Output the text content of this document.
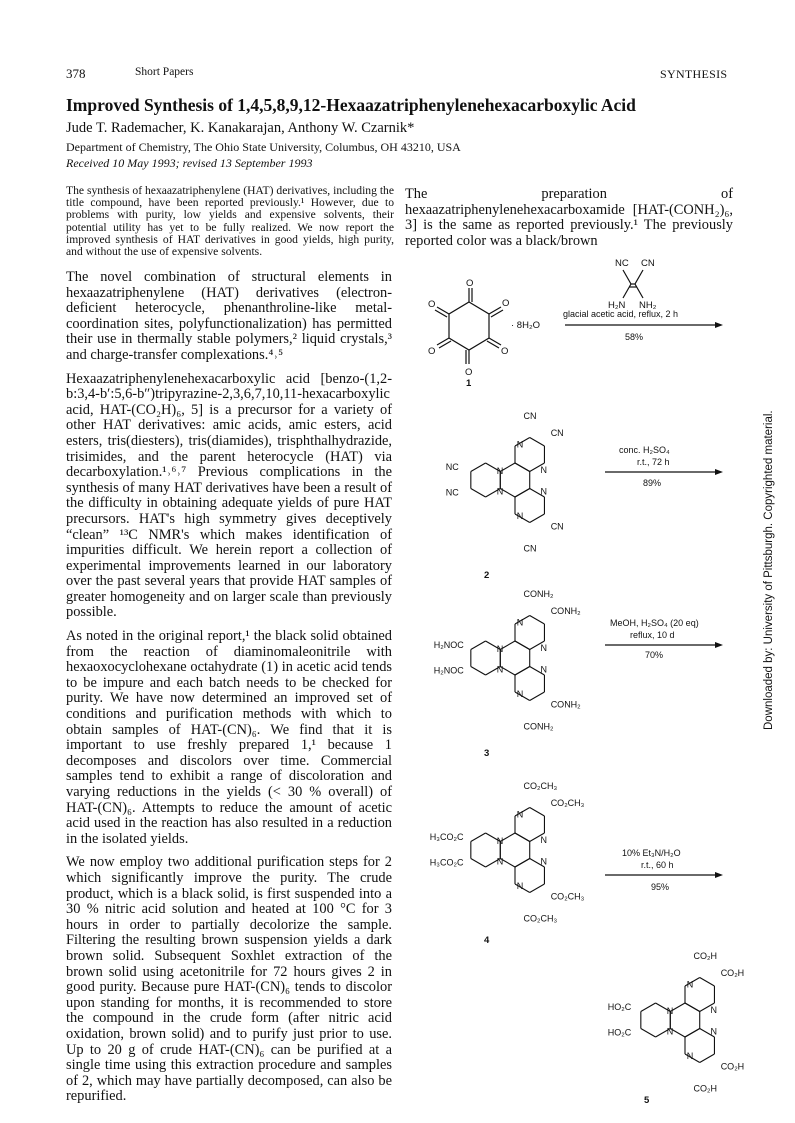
378	Short Papers	SYNTHESIS
Improved Synthesis of 1,4,5,8,9,12-Hexaazatriphenylenehexacarboxylic Acid
Jude T. Rademacher, K. Kanakarajan, Anthony W. Czarnik*
Department of Chemistry, The Ohio State University, Columbus, OH 43210, USA
Received 10 May 1993; revised 13 September 1993
The synthesis of hexaazatriphenylene (HAT) derivatives, including the title compound, have been reported previously.¹ However, due to problems with purity, low yields and expensive solvents, their potential utility has yet to be fully realized. We now report the improved synthesis of HAT derivatives in good yields, high purity, and without the use of expensive solvents.

The novel combination of structural elements in hexaazatriphenylene (HAT) derivatives (electron-deficient heterocycle, phenanthroline-like metal-coordination sites, polyfunctionalization) has permitted their use in thermally stable polymers,² liquid crystals,³ and charge-transfer complexations.⁴˒⁵

Hexaazatriphenylenehexacarboxylic acid [benzo-(1,2-b:3,4-b′:5,6-b″)tripyrazine-2,3,6,7,10,11-hexacarboxylic acid, HAT-(CO₂H)₆, 5] is a precursor for a variety of other HAT derivatives: amic acids, amic esters, acid esters, tris(diesters), tris(diamides), trisphthalhydrazide, trisimides, and the parent heterocycle (HAT) via decarboxylation.¹˒⁶˒⁷ Previous complications in the synthesis of many HAT derivatives have been a result of the difficulty in obtaining adequate yields of pure HAT precursors. HAT's high symmetry gives deceptively “clean” ¹³C NMR's which makes identification of impurities difficult. We herein report a collection of experimental improvements learned in our laboratory over the past several years that provide HAT samples of greater homogeneity and on larger scale than previously possible.

As noted in the original report,¹ the black solid obtained from the reaction of diaminomaleonitrile with hexaoxocyclohexane octahydrate (1) in acetic acid tends to be impure and each batch needs to be checked for purity. We have now determined an improved set of conditions and purification methods with which to obtain samples of HAT-(CN)₆. We find that it is important to use freshly prepared 1,¹ because 1 decomposes and discolors over time. Commercial samples tend to exhibit a range of discoloration and varying reductions in the yields (< 30 % overall) of HAT-(CN)₆. Attempts to reduce the amount of acetic acid used in the reaction has also resulted in a reduction in the isolated yields.

We now employ two additional purification steps for 2 which significantly improve the purity. The crude product, which is a black solid, is first suspended into a 30 % nitric acid solution and heated at 100 °C for 3 hours in order to partially decolorize the sample. Filtering the resulting brown suspension yields a dark brown solid. Subsequent Soxhlet extraction of the brown solid using acetonitrile for 72 hours gives 2 in good purity. Because pure HAT-(CN)₆ tends to discolor upon standing for months, it is recommended to store the compound in the crude form (after nitric acid oxidation, brown solid) and to purify just prior to use. Up to 20 g of crude HAT-(CN)₆ can be purified at a single time using this extraction procedure and samples of 2, which may have partially decomposed, can also be repurified.

The preparation of hexaazatriphenylenehexacarboxamide [HAT-(CONH₂)₆, 3] is the same as reported previously.¹ The previously reported color was a black/brown
Downloaded by: University of Pittsburgh. Copyrighted material.
NC CN
H₂N NH₂
O
O
O
O
O
O
· 8H₂O
glacial acetic acid, reflux, 2 h
58%
1
conc. H₂SO₄
r.t., 72 h
89%
2
MeOH, H₂SO₄ (20 eq)
reflux, 10 d
70%
3
10% Et₃N/H₂O
r.t., 60 h
95%
4
5
N
N
N
N
N
N
NC
NC
CN
CN
CN
CN
N
N
N
N
N
N
H₂NOC
H₂NOC
CONH₂
CONH₂
CONH₂
CONH₂
N
N
N
N
N
N
H₃CO₂C
H₃CO₂C
CO₂CH₃
CO₂CH₃
CO₂CH₃
CO₂CH₃
N
N
N
N
N
N
HO₂C
HO₂C
CO₂H
CO₂H
CO₂H
CO₂H
